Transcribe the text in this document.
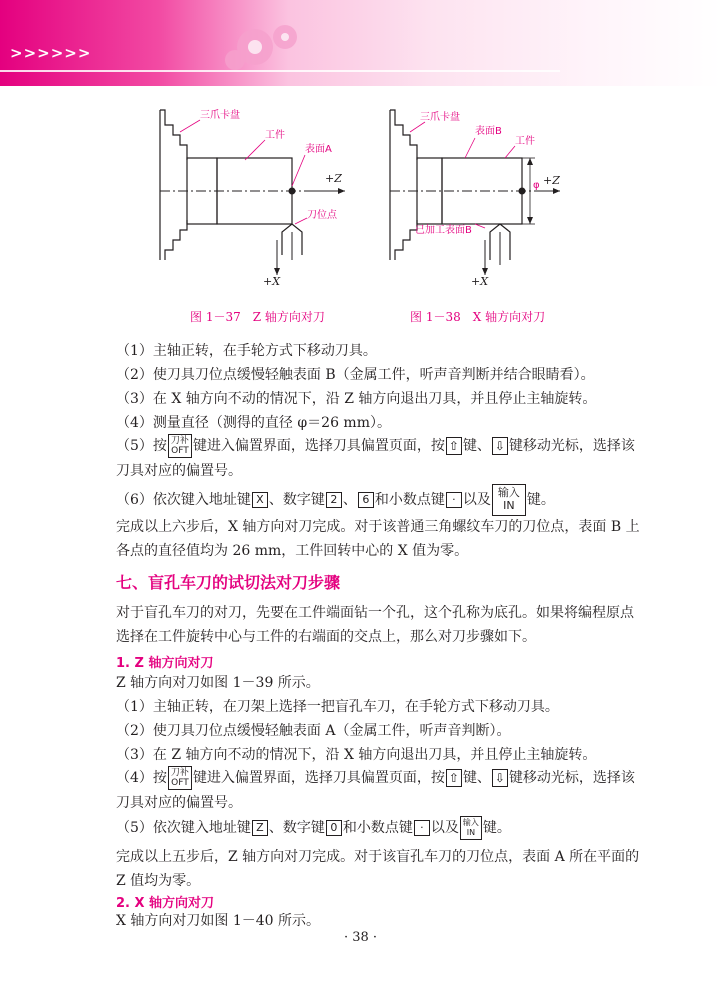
>>>>>>
三爪卡盘
工件
表面A
+Z
刀位点
+X
三爪卡盘
表面B
工件
φ +Z
已加工表面B
+X
图 1－37　Z 轴方向对刀	图 1－38　X 轴方向对刀
（1）主轴正转，在手轮方式下移动刀具。
（2）使刀具刀位点缓慢轻触表面 B（金属工件，听声音判断并结合眼睛看）。
（3）在 X 轴方向不动的情况下，沿 Z 轴方向退出刀具，并且停止主轴旋转。
（4）测量直径（测得的直径 φ＝26 mm）。
（5）按 刀补
OFT 键进入偏置界面，选择刀具偏置页面，按 ⇧ 键、 ⇩ 键移动光标，选择该
刀具对应的偏置号。
（6）依次键入地址键 X 、数字键 2 、 6 和小数点键 · 以及 输入
IN 键。
完成以上六步后，X 轴方向对刀完成。对于该普通三角螺纹车刀的刀位点，表面 B 上
各点的直径值均为 26 mm，工件回转中心的 X 值为零。
七、盲孔车刀的试切法对刀步骤
对于盲孔车刀的对刀，先要在工件端面钻一个孔，这个孔称为底孔。如果将编程原点
选择在工件旋转中心与工件的右端面的交点上，那么对刀步骤如下。
1. Z 轴方向对刀
Z 轴方向对刀如图 1－39 所示。
（1）主轴正转，在刀架上选择一把盲孔车刀，在手轮方式下移动刀具。
（2）使刀具刀位点缓慢轻触表面 A（金属工件，听声音判断）。
（3）在 Z 轴方向不动的情况下，沿 X 轴方向退出刀具，并且停止主轴旋转。
（4）按 刀补
OFT 键进入偏置界面，选择刀具偏置页面，按 ⇧ 键、 ⇩ 键移动光标，选择该
刀具对应的偏置号。
（5）依次键入地址键 Z 、数字键 0 和小数点键 · 以及 输入
IN 键。
完成以上五步后，Z 轴方向对刀完成。对于该盲孔车刀的刀位点，表面 A 所在平面的
Z 值均为零。
2. X 轴方向对刀
X 轴方向对刀如图 1－40 所示。
· 38 ·
